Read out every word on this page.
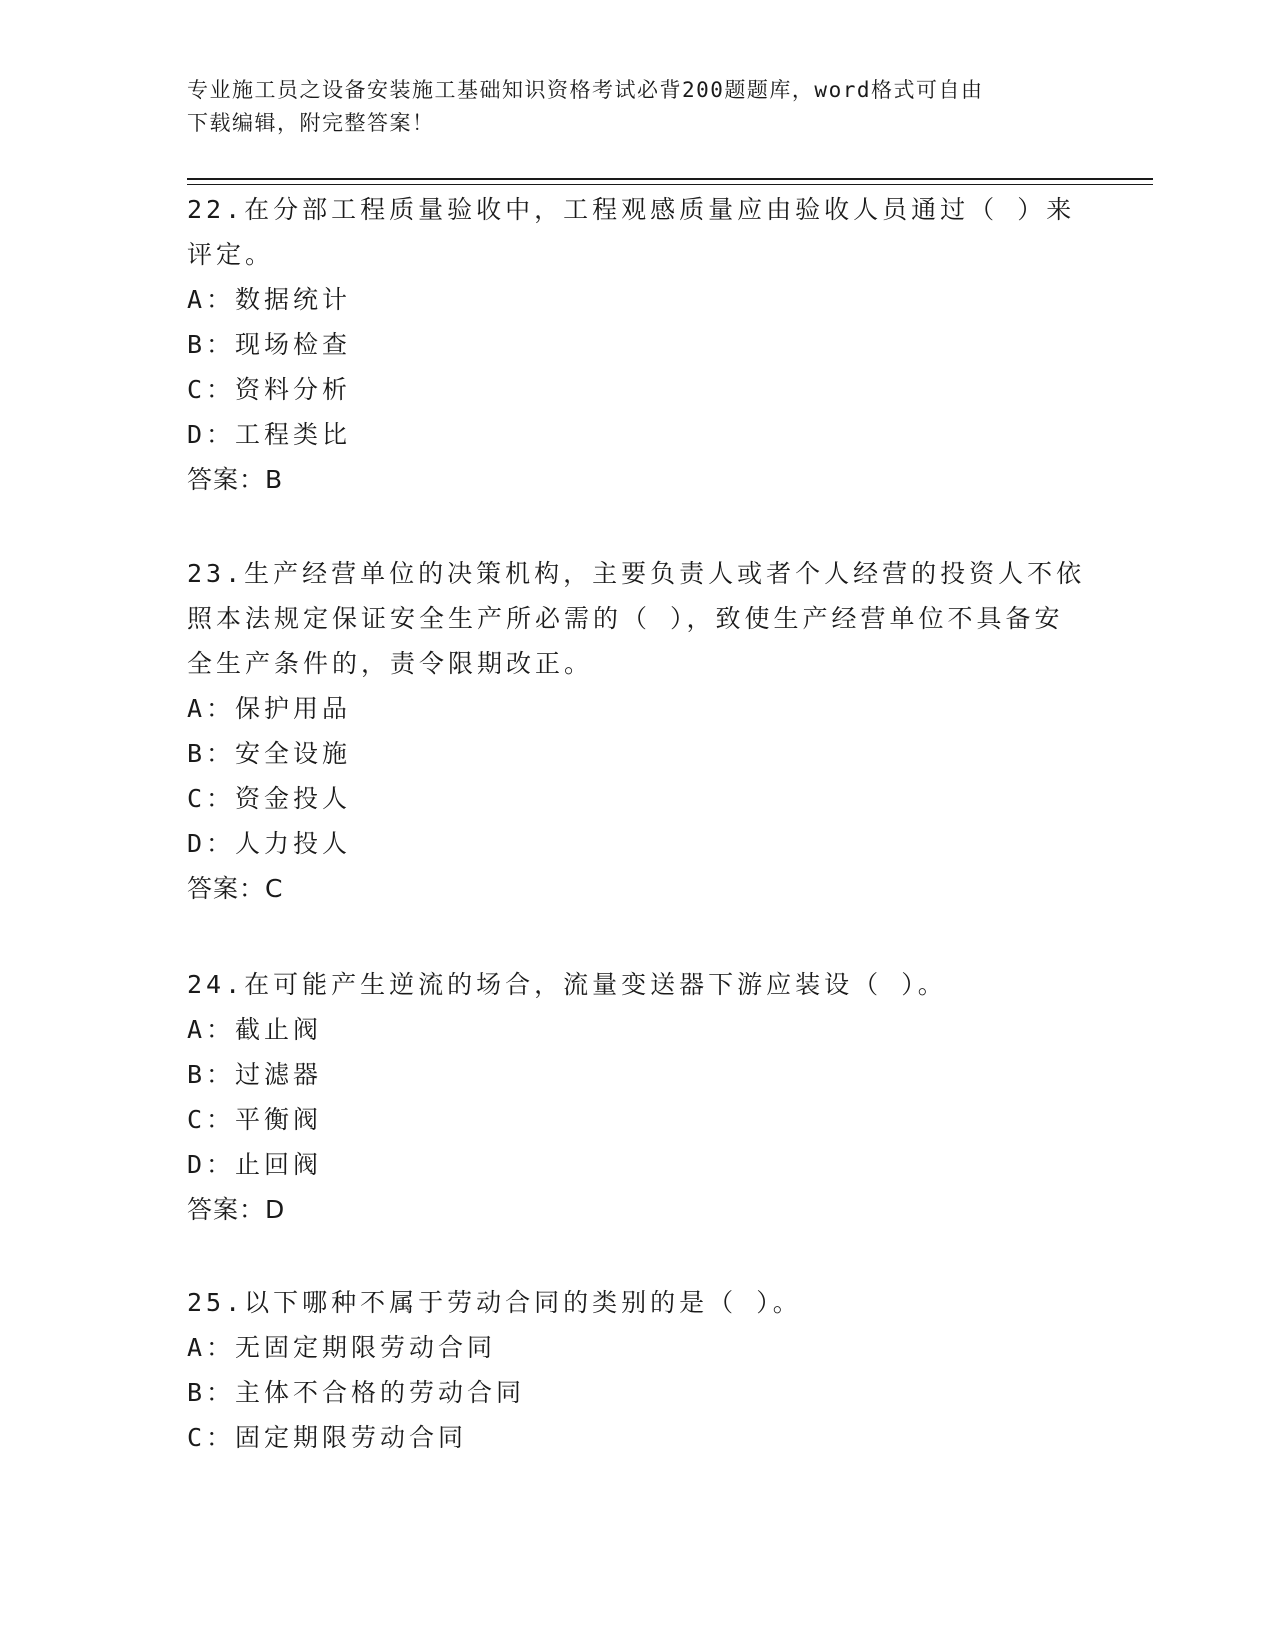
专业施工员之设备安装施工基础知识资格考试必背200题题库，word格式可自由
下载编辑，附完整答案！
22.在分部工程质量验收中，工程观感质量应由验收人员通过（ ）来
评定。
A：数据统计
B：现场检查
C：资料分析
D：工程类比
答案：B
23.生产经营单位的决策机构，主要负责人或者个人经营的投资人不依
照本法规定保证安全生产所必需的（ ），致使生产经营单位不具备安
全生产条件的，责令限期改正。
A：保护用品
B：安全设施
C：资金投人
D：人力投人
答案：C
24.在可能产生逆流的场合，流量变送器下游应装设（ ）。
A：截止阀
B：过滤器
C：平衡阀
D：止回阀
答案：D
25.以下哪种不属于劳动合同的类别的是（ ）。
A：无固定期限劳动合同
B：主体不合格的劳动合同
C：固定期限劳动合同
